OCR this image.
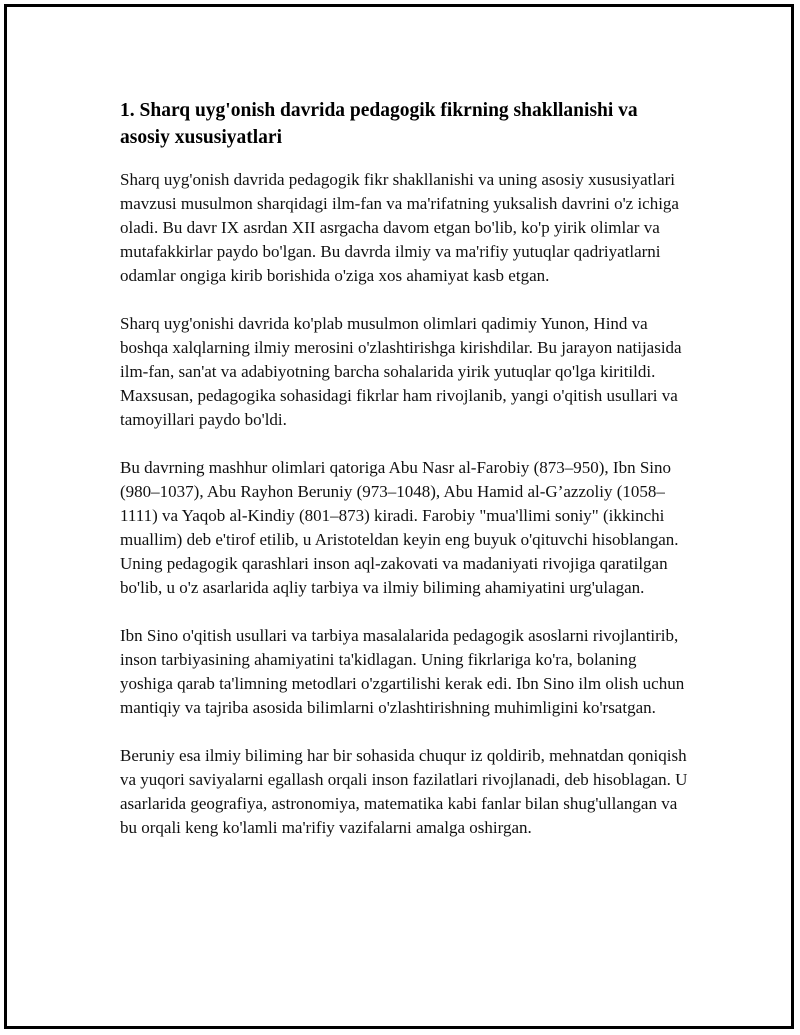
1. Sharq uyg'onish davrida pedagogik fikrning shakllanishi va asosiy xususiyatlari

Sharq uyg'onish davrida pedagogik fikr shakllanishi va uning asosiy xususiyatlari mavzusi musulmon sharqidagi ilm-fan va ma'rifatning yuksalish davrini o'z ichiga oladi. Bu davr IX asrdan XII asrgacha davom etgan bo'lib, ko'p yirik olimlar va mutafakkirlar paydo bo'lgan. Bu davrda ilmiy va ma'rifiy yutuqlar qadriyatlarni odamlar ongiga kirib borishida o'ziga xos ahamiyat kasb etgan.

Sharq uyg'onishi davrida ko'plab musulmon olimlari qadimiy Yunon, Hind va boshqa xalqlarning ilmiy merosini o'zlashtirishga kirishdilar. Bu jarayon natijasida ilm-fan, san'at va adabiyotning barcha sohalarida yirik yutuqlar qo'lga kiritildi. Maxsusan, pedagogika sohasidagi fikrlar ham rivojlanib, yangi o'qitish usullari va tamoyillari paydo bo'ldi.

Bu davrning mashhur olimlari qatoriga Abu Nasr al-Farobiy (873–950), Ibn Sino (980–1037), Abu Rayhon Beruniy (973–1048), Abu Hamid al-G’azzoliy (1058–1111) va Yaqob al-Kindiy (801–873) kiradi. Farobiy "mua'llimi soniy" (ikkinchi muallim) deb e'tirof etilib, u Aristoteldan keyin eng buyuk o'qituvchi hisoblangan. Uning pedagogik qarashlari inson aql-zakovati va madaniyati rivojiga qaratilgan bo'lib, u o'z asarlarida aqliy tarbiya va ilmiy biliming ahamiyatini urg'ulagan.

Ibn Sino o'qitish usullari va tarbiya masalalarida pedagogik asoslarni rivojlantirib, inson tarbiyasining ahamiyatini ta'kidlagan. Uning fikrlariga ko'ra, bolaning yoshiga qarab ta'limning metodlari o'zgartilishi kerak edi. Ibn Sino ilm olish uchun mantiqiy va tajriba asosida bilimlarni o'zlashtirishning muhimligini ko'rsatgan.

Beruniy esa ilmiy biliming har bir sohasida chuqur iz qoldirib, mehnatdan qoniqish va yuqori saviyalarni egallash orqali inson fazilatlari rivojlanadi, deb hisoblagan. U asarlarida geografiya, astronomiya, matematika kabi fanlar bilan shug'ullangan va bu orqali keng ko'lamli ma'rifiy vazifalarni amalga oshirgan.
